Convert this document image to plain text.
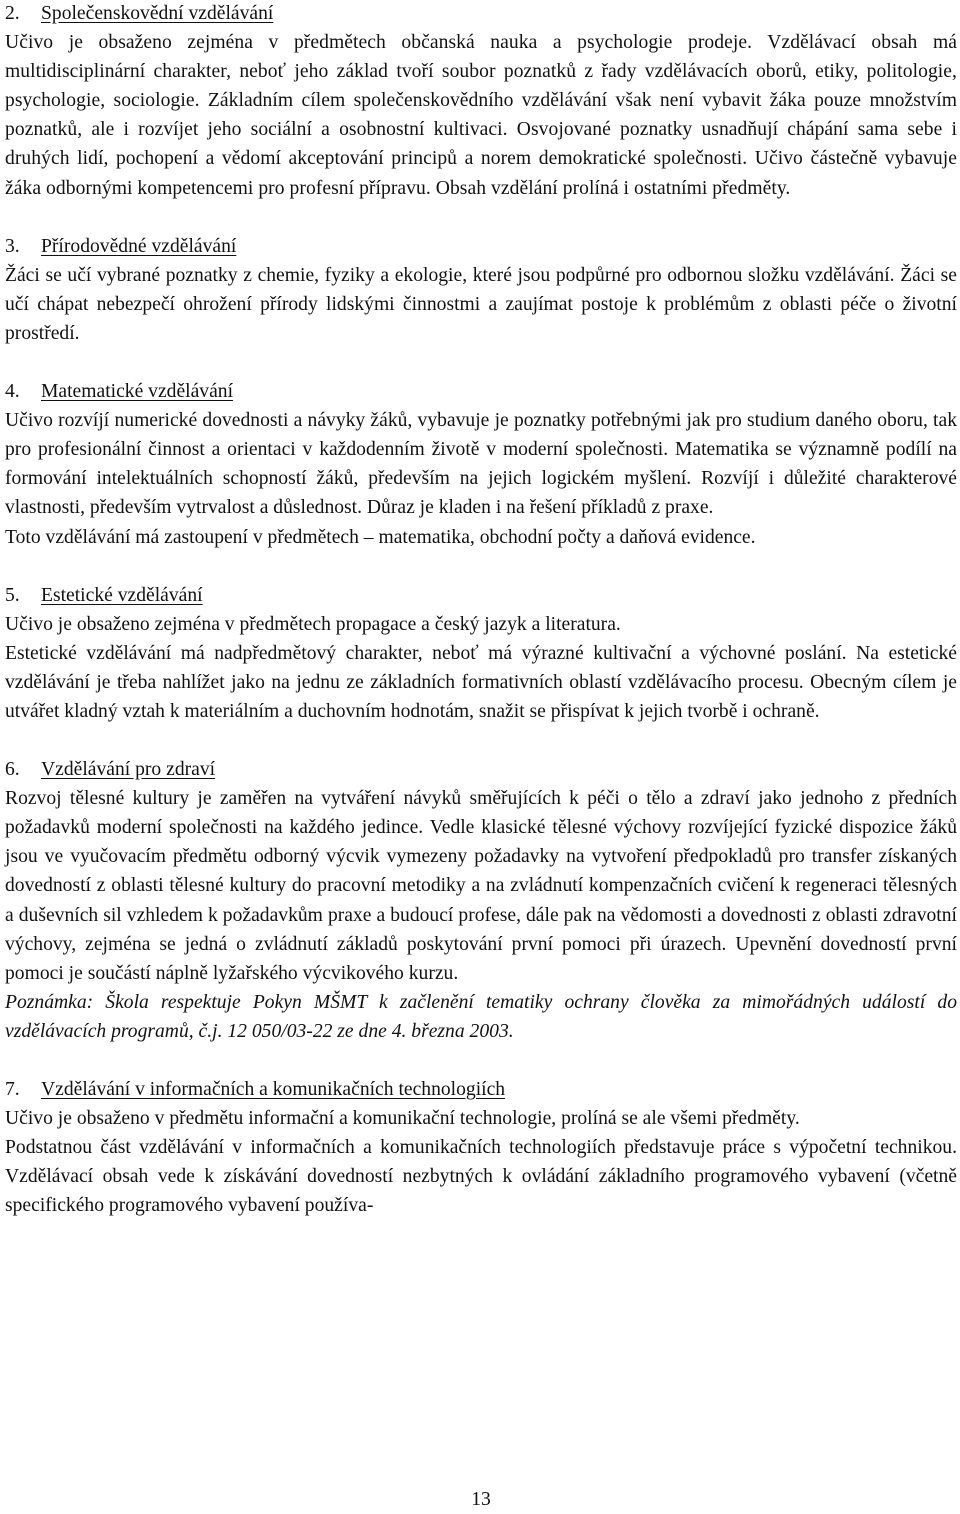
2. Společenskovědní vzdělávání

Učivo je obsaženo zejména v předmětech občanská nauka a psychologie prodeje. Vzdělávací obsah má multidisciplinární charakter, neboť jeho základ tvoří soubor poznatků z řady vzdělávacích oborů, etiky, politologie, psychologie, sociologie. Základním cílem společenskovědního vzdělávání však není vybavit žáka pouze množstvím poznatků, ale i rozvíjet jeho sociální a osobnostní kultivaci. Osvojované poznatky usnadňují chápání sama sebe i druhých lidí, pochopení a vědomí akceptování principů a norem demokratické společnosti. Učivo částečně vybavuje žáka odbornými kompetencemi pro profesní přípravu. Obsah vzdělání prolíná i ostatními předměty.

3. Přírodovědné vzdělávání

Žáci se učí vybrané poznatky z chemie, fyziky a ekologie, které jsou podpůrné pro odbornou složku vzdělávání. Žáci se učí chápat nebezpečí ohrožení přírody lidskými činnostmi a zaujímat postoje k problémům z oblasti péče o životní prostředí.

4. Matematické vzdělávání

Učivo rozvíjí numerické dovednosti a návyky žáků, vybavuje je poznatky potřebnými jak pro studium daného oboru, tak pro profesionální činnost a orientaci v každodenním životě v moderní společnosti. Matematika se významně podílí na formování intelektuálních schopností žáků, především na jejich logickém myšlení. Rozvíjí i důležité charakterové vlastnosti, především vytrvalost a důslednost. Důraz je kladen i na řešení příkladů z praxe.

Toto vzdělávání má zastoupení v předmětech – matematika, obchodní počty a daňová evidence.

5. Estetické vzdělávání

Učivo je obsaženo zejména v předmětech propagace a český jazyk a literatura.

Estetické vzdělávání má nadpředmětový charakter, neboť má výrazné kultivační a výchovné poslání. Na estetické vzdělávání je třeba nahlížet jako na jednu ze základních formativních oblastí vzdělávacího procesu. Obecným cílem je utvářet kladný vztah k materiálním a duchovním hodnotám, snažit se přispívat k jejich tvorbě i ochraně.

6. Vzdělávání pro zdraví

Rozvoj tělesné kultury je zaměřen na vytváření návyků směřujících k péči o tělo a zdraví jako jednoho z předních požadavků moderní společnosti na každého jedince. Vedle klasické tělesné výchovy rozvíjející fyzické dispozice žáků jsou ve vyučovacím předmětu odborný výcvik vymezeny požadavky na vytvoření předpokladů pro transfer získaných dovedností z oblasti tělesné kultury do pracovní metodiky a na zvládnutí kompenzačních cvičení k regeneraci tělesných a duševních sil vzhledem k požadavkům praxe a budoucí profese, dále pak na vědomosti a dovednosti z oblasti zdravotní výchovy, zejména se jedná o zvládnutí základů poskytování první pomoci při úrazech. Upevnění dovedností první pomoci je součástí náplně lyžařského výcvikového kurzu.

Poznámka: Škola respektuje Pokyn MŠMT k začlenění tematiky ochrany člověka za mimořádných událostí do vzdělávacích programů, č.j. 12 050/03-22 ze dne 4. března 2003.

7. Vzdělávání v informačních a komunikačních technologiích

Učivo je obsaženo v předmětu informační a komunikační technologie, prolíná se ale všemi předměty.

Podstatnou část vzdělávání v informačních a komunikačních technologiích představuje práce s výpočetní technikou. Vzdělávací obsah vede k získávání dovedností nezbytných k ovládání základního programového vybavení (včetně specifického programového vybavení používa-

13
